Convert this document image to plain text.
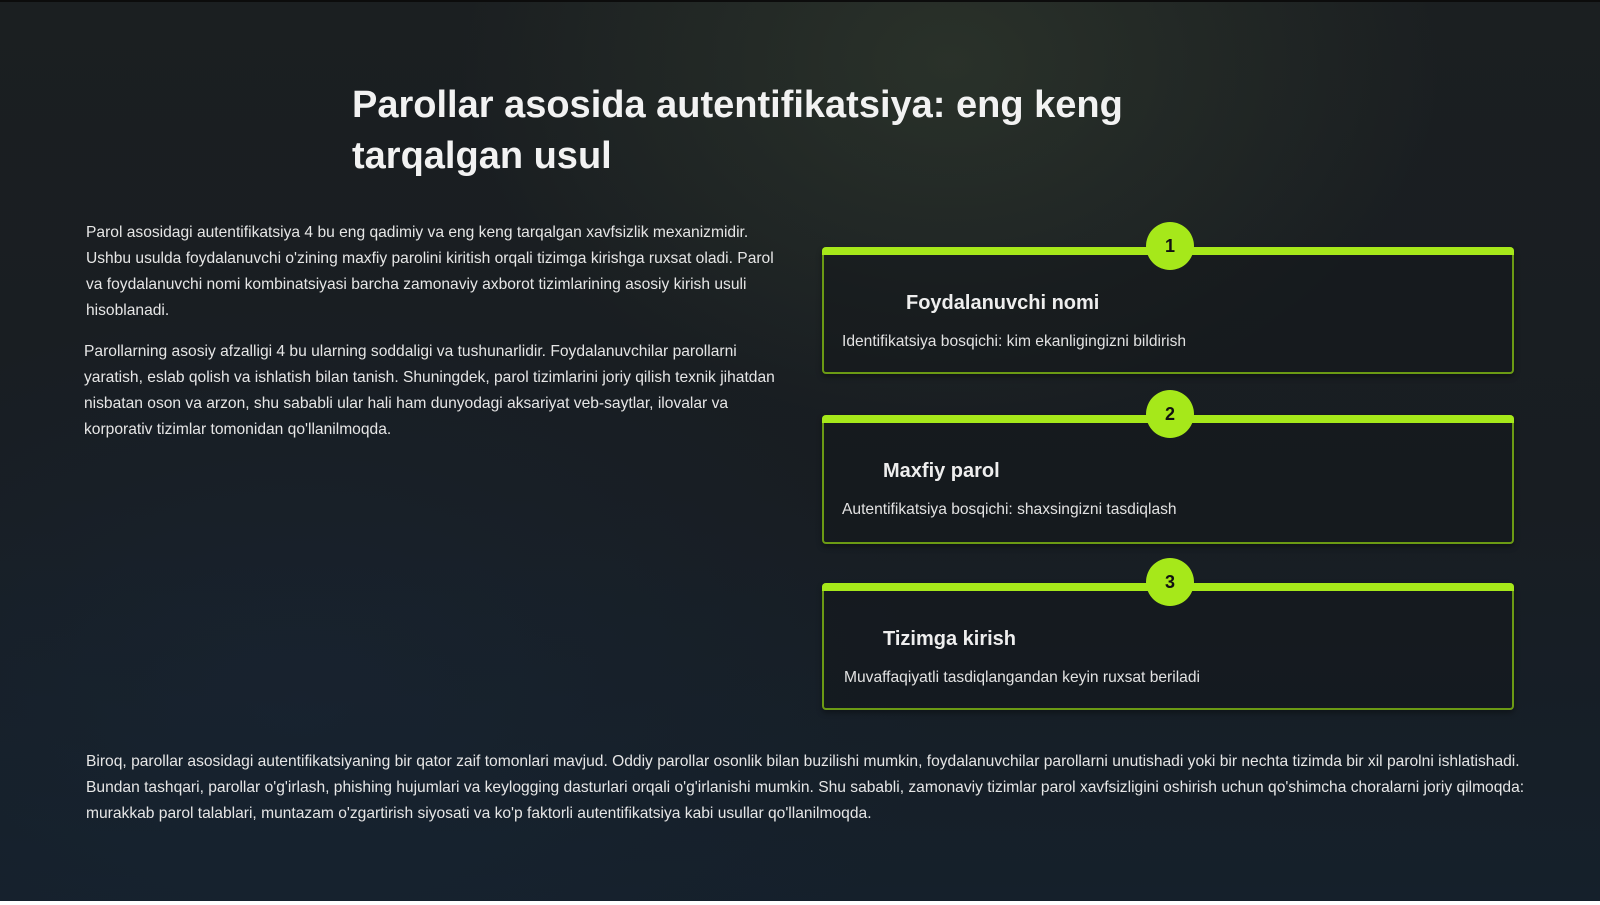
Parollar asosida autentifikatsiya: eng keng tarqalgan usul

Parol asosidagi autentifikatsiya 4 bu eng qadimiy va eng keng tarqalgan xavfsizlik mexanizmidir. Ushbu usulda foydalanuvchi o'zining maxfiy parolini kiritish orqali tizimga kirishga ruxsat oladi. Parol va foydalanuvchi nomi kombinatsiyasi barcha zamonaviy axborot tizimlarining asosiy kirish usuli hisoblanadi.

Parollarning asosiy afzalligi 4 bu ularning soddaligi va tushunarlidir. Foydalanuvchilar parollarni yaratish, eslab qolish va ishlatish bilan tanish. Shuningdek, parol tizimlarini joriy qilish texnik jihatdan nisbatan oson va arzon, shu sababli ular hali ham dunyodagi aksariyat veb-saytlar, ilovalar va korporativ tizimlar tomonidan qo'llanilmoqda.

1
Foydalanuvchi nomi

Identifikatsiya bosqichi: kim ekanligingizni bildirish

2
Maxfiy parol

Autentifikatsiya bosqichi: shaxsingizni tasdiqlash

3
Tizimga kirish

Muvaffaqiyatli tasdiqlangandan keyin ruxsat beriladi

Biroq, parollar asosidagi autentifikatsiyaning bir qator zaif tomonlari mavjud. Oddiy parollar osonlik bilan buzilishi mumkin, foydalanuvchilar parollarni unutishadi yoki bir nechta tizimda bir xil parolni ishlatishadi. Bundan tashqari, parollar o'g'irlash, phishing hujumlari va keylogging dasturlari orqali o'g'irlanishi mumkin. Shu sababli, zamonaviy tizimlar parol xavfsizligini oshirish uchun qo'shimcha choralarni joriy qilmoqda: murakkab parol talablari, muntazam o'zgartirish siyosati va ko'p faktorli autentifikatsiya kabi usullar qo'llanilmoqda.
